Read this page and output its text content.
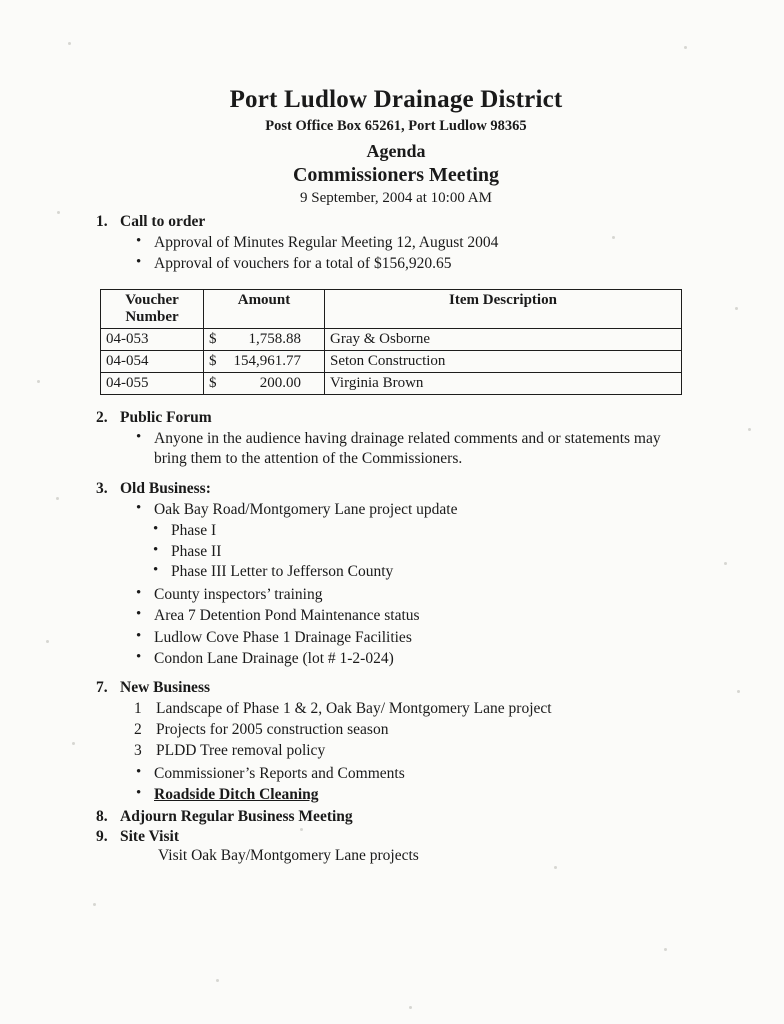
Port Ludlow Drainage District
Post Office Box 65261, Port Ludlow 98365
Agenda
Commissioners Meeting
9 September, 2004 at 10:00 AM
1. Call to order
• Approval of Minutes Regular Meeting 12, August 2004
• Approval of vouchers for a total of $156,920.65
Voucher
Number	Amount	Item Description
04-053	$ 1,758.88	Gray & Osborne
04-054	$ 154,961.77	Seton Construction
04-055	$ 200.00	Virginia Brown
2. Public Forum
• Anyone in the audience having drainage related comments and or statements may bring them to the attention of the Commissioners.
3. Old Business:
• Oak Bay Road/Montgomery Lane project update
• Phase I
• Phase II
• Phase III Letter to Jefferson County
• County inspectors’ training
• Area 7 Detention Pond Maintenance status
• Ludlow Cove Phase 1 Drainage Facilities
• Condon Lane Drainage (lot # 1-2-024)
7. New Business
1 Landscape of Phase 1 & 2, Oak Bay/ Montgomery Lane project
2 Projects for 2005 construction season
3 PLDD Tree removal policy
• Commissioner’s Reports and Comments
• Roadside Ditch Cleaning
8. Adjourn Regular Business Meeting
9. Site Visit
Visit Oak Bay/Montgomery Lane projects
